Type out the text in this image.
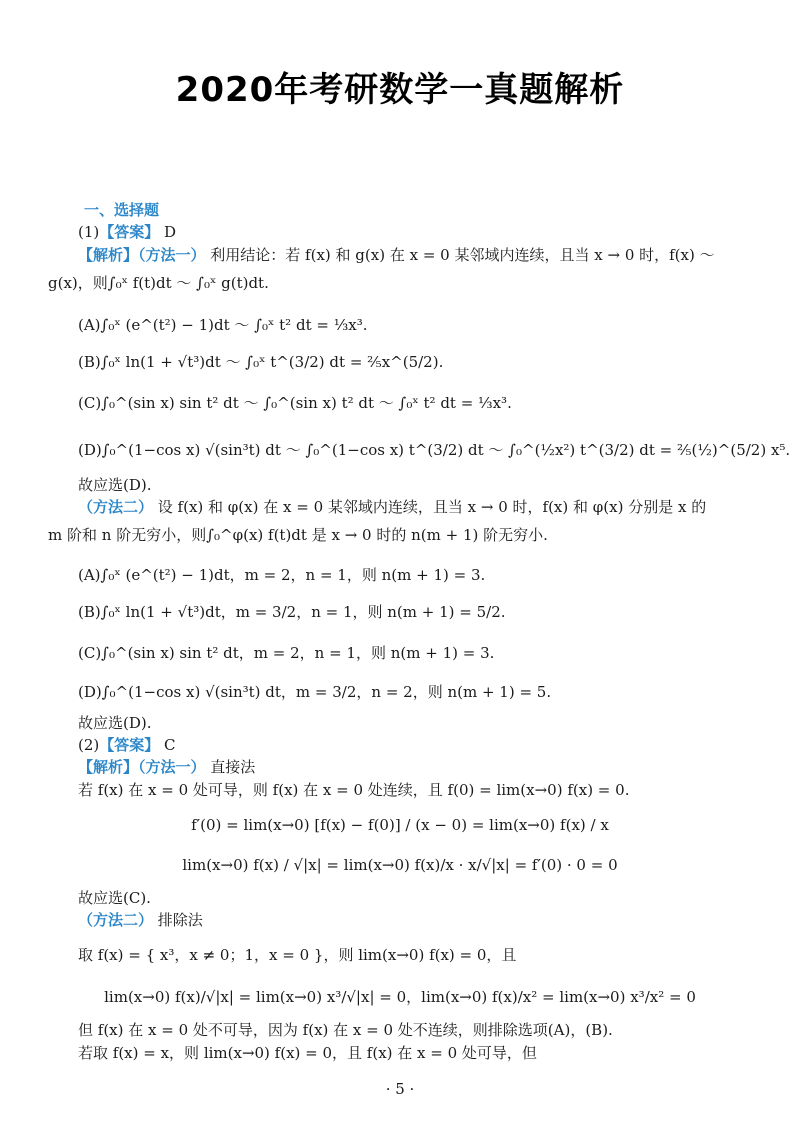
2020年考研数学一真题解析
一、选择题
(1)【答案】 D
【解析】（方法一） 利用结论：若 f(x) 和 g(x) 在 x = 0 某邻域内连续，且当 x → 0 时，f(x) ～
g(x)，则∫₀ˣ f(t)dt ～ ∫₀ˣ g(t)dt.
(A)∫₀ˣ (e^(t²) − 1)dt ～ ∫₀ˣ t² dt = ⅓x³.
(B)∫₀ˣ ln(1 + √t³)dt ～ ∫₀ˣ t^(3/2) dt = ⅖x^(5/2).
(C)∫₀^(sin x) sin t² dt ～ ∫₀^(sin x) t² dt ～ ∫₀ˣ t² dt = ⅓x³.
(D)∫₀^(1−cos x) √(sin³t) dt ～ ∫₀^(1−cos x) t^(3/2) dt ～ ∫₀^(½x²) t^(3/2) dt = ⅖(½)^(5/2) x⁵.
故应选(D).
（方法二） 设 f(x) 和 φ(x) 在 x = 0 某邻域内连续，且当 x → 0 时，f(x) 和 φ(x) 分别是 x 的
m 阶和 n 阶无穷小，则∫₀^φ(x) f(t)dt 是 x → 0 时的 n(m + 1) 阶无穷小.
(A)∫₀ˣ (e^(t²) − 1)dt，m = 2，n = 1，则 n(m + 1) = 3.
(B)∫₀ˣ ln(1 + √t³)dt，m = 3/2，n = 1，则 n(m + 1) = 5/2.
(C)∫₀^(sin x) sin t² dt，m = 2，n = 1，则 n(m + 1) = 3.
(D)∫₀^(1−cos x) √(sin³t) dt，m = 3/2，n = 2，则 n(m + 1) = 5.
故应选(D).
(2)【答案】 C
【解析】（方法一） 直接法
若 f(x) 在 x = 0 处可导，则 f(x) 在 x = 0 处连续，且 f(0) = lim(x→0) f(x) = 0.
f′(0) = lim(x→0) [f(x) − f(0)] / (x − 0) = lim(x→0) f(x) / x
lim(x→0) f(x) / √|x| = lim(x→0) f(x)/x · x/√|x| = f′(0) · 0 = 0
故应选(C).
（方法二） 排除法
取 f(x) = { x³，x ≠ 0；1，x = 0 }，则 lim(x→0) f(x) = 0，且
lim(x→0) f(x)/√|x| = lim(x→0) x³/√|x| = 0，lim(x→0) f(x)/x² = lim(x→0) x³/x² = 0
但 f(x) 在 x = 0 处不可导，因为 f(x) 在 x = 0 处不连续，则排除选项(A)，(B).
若取 f(x) = x，则 lim(x→0) f(x) = 0，且 f(x) 在 x = 0 处可导，但
· 5 ·
